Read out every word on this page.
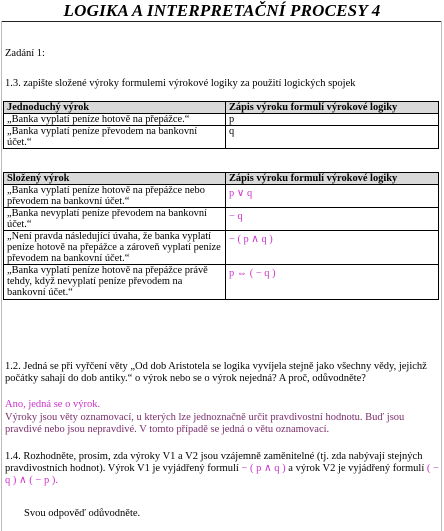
LOGIKA A INTERPRETAČNÍ PROCESY 4
Zadání 1:
1.3. zapište složené výroky formulemi výrokové logiky za použití logických spojek
Jednoduchý výrok	Zápis výroku formulí výrokové logiky
„Banka vyplatí peníze hotově na přepážce.“	p
„Banka vyplatí peníze převodem na bankovní účet.“	q
Složený výrok	Zápis výroku formulí výrokové logiky
„Banka vyplatí peníze hotově na přepážce nebo převodem na bankovní účet.“	p ∨ q
„Banka nevyplatí peníze převodem na bankovní účet.“	− q
„Není pravda následující úvaha, že banka vyplatí peníze hotově na přepážce a zároveň vyplatí peníze převodem na bankovní účet.“	− ( p ∧ q )
„Banka vyplatí peníze hotově na přepážce právě tehdy, když nevyplatí peníze převodem na bankovní účet.“	p ⇔ ( − q )
1.2. Jedná se při vyřčení věty „Od dob Aristotela se logika vyvíjela stejně jako všechny vědy, jejichž počátky sahají do dob antiky.“ o výrok nebo se o výrok nejedná? A proč, odůvodněte?
Ano, jedná se o výrok.
Výroky jsou věty oznamovací, u kterých lze jednoznačně určit pravdivostní hodnotu. Buď jsou pravdivé nebo jsou nepravdivé. V tomto případě se jedná o větu oznamovací.
1.4. Rozhodněte, prosím, zda výroky V1 a V2 jsou vzájemně zaměnitelné (tj. zda nabývají stejných pravdivostních hodnot). Výrok V1 je vyjádřený formulí − ( p ∧ q ) a výrok V2 je vyjádřený formulí ( − q ) ∧ ( − p ).
Svou odpověď odůvodněte.
